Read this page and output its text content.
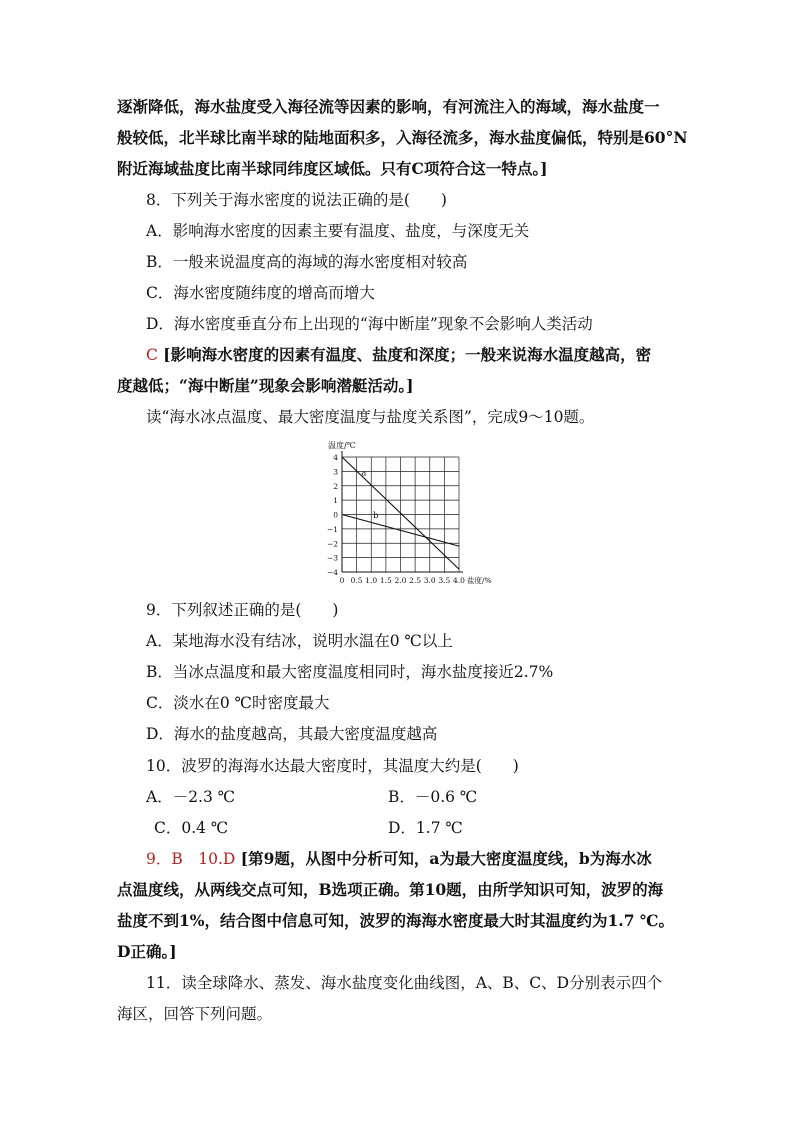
逐渐降低，海水盐度受入海径流等因素的影响，有河流注入的海域，海水盐度一
般较低，北半球比南半球的陆地面积多，入海径流多，海水盐度偏低，特别是60°N
附近海域盐度比南半球同纬度区域低。只有C项符合这一特点。]
8．下列关于海水密度的说法正确的是(　　)
A．影响海水密度的因素主要有温度、盐度，与深度无关
B．一般来说温度高的海域的海水密度相对较高
C．海水密度随纬度的增高而增大
D．海水密度垂直分布上出现的“海中断崖”现象不会影响人类活动
C [影响海水密度的因素有温度、盐度和深度；一般来说海水温度越高，密
度越低；“海中断崖”现象会影响潜艇活动。]
读“海水冰点温度、最大密度温度与盐度关系图”，完成9～10题。
0 0.5 1.0 1.5 2.0 2.5 3.0 3.5 4.0
4
3
2
1
0
−1
−2
−3
−4
温度/℃
盐度/%
a
b
9．下列叙述正确的是(　　)
A．某地海水没有结冰，说明水温在0 ℃以上
B．当冰点温度和最大密度温度相同时，海水盐度接近2.7%
C．淡水在0 ℃时密度最大
D．海水的盐度越高，其最大密度温度越高
10．波罗的海海水达最大密度时，其温度大约是(　　)
A．－2.3 ℃	B．－0.6 ℃
C．0.4 ℃	D．1.7 ℃
9．B　10.D [第9题，从图中分析可知，a为最大密度温度线，b为海水冰
点温度线，从两线交点可知，B选项正确。第10题，由所学知识可知，波罗的海
盐度不到1%，结合图中信息可知，波罗的海海水密度最大时其温度约为1.7 ℃。
D正确。]
11．读全球降水、蒸发、海水盐度变化曲线图，A、B、C、D分别表示四个
海区，回答下列问题。
